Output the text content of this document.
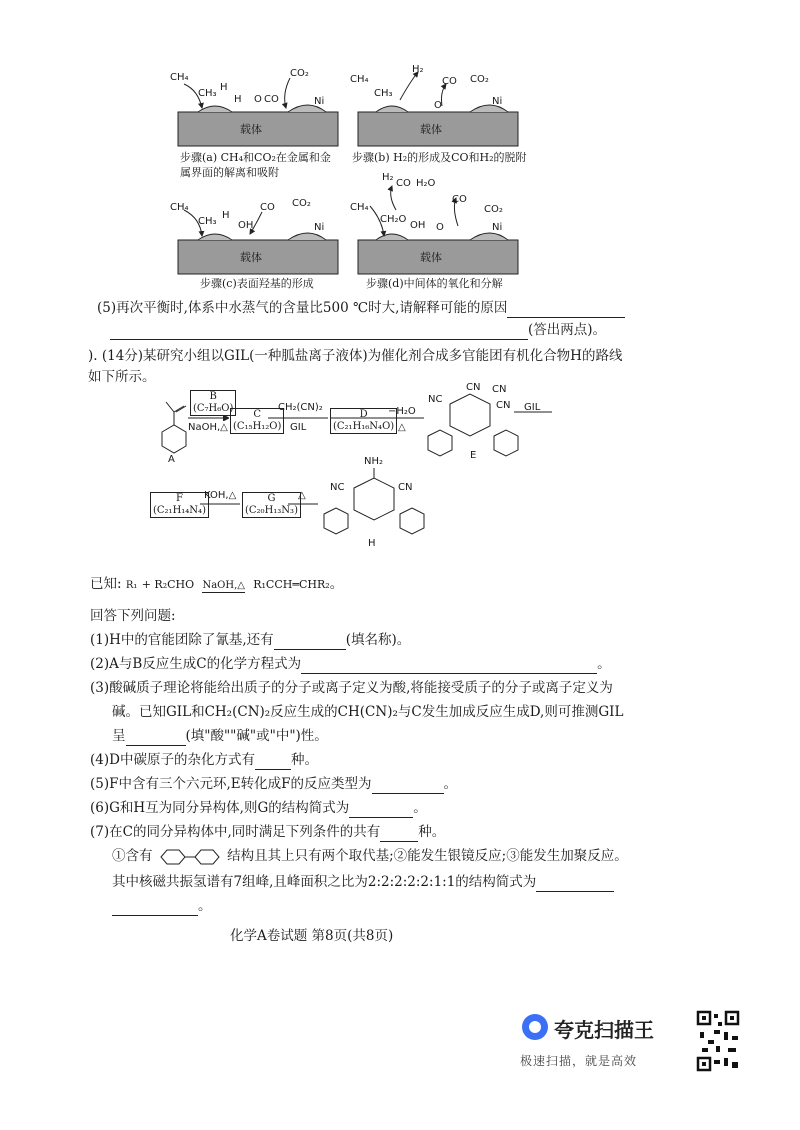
CH₄
CH₃
H
H O CO
CO₂
Ni
载体
步骤(a) CH₄和CO₂在金属和金
属界面的解离和吸附
CH₄
CH₃
H₂
O
CO CO₂
Ni
载体
步骤(b) H₂的形成及CO和H₂的脱附
CH₄
CH₃
H
OH
CO CO₂
Ni
载体
步骤(c)表面羟基的形成
CH₄
H₂
CO H₂O
CH₂O
OH O
CO
CO₂
Ni
载体
步骤(d)中间体的氧化和分解
(5)再次平衡时,体系中水蒸气的含量比500 ℃时大,请解释可能的原因
(答出两点)。
). (14分)某研究小组以GIL(一种胍盐离子液体)为催化剂合成多官能团有机化合物H的路线
如下所示。
A
B
(C₇H₆O)
NaOH,△
C
(C₁₅H₁₂O)
CH₂(CN)₂
GIL
D
(C₂₁H₁₆N₄O)
−H₂O
△
NC
CN CN
CN GIL
E
F
(C₂₁H₁₄N₄)
KOH,△	G
(C₂₀H₁₃N₃)
△
NH₂
NC	CN
H
已知: R₁ + R₂CHO NaOH,△ R₁CCH═CHR₂。
回答下列问题:
(1)H中的官能团除了氰基,还有	(填名称)。
(2)A与B反应生成C的化学方程式为	。
(3)酸碱质子理论将能给出质子的分子或离子定义为酸,将能接受质子的分子或离子定义为
碱。已知GIL和CH₂(CN)₂反应生成的CH(CN)₂与C发生加成反应生成D,则可推测GIL
呈	(填"酸""碱"或"中")性。
(4)D中碳原子的杂化方式有	种。
(5)F中含有三个六元环,E转化成F的反应类型为	。
(6)G和H互为同分异构体,则G的结构简式为	。
(7)在C的同分异构体中,同时满足下列条件的共有	种。
①含有	结构且其上只有两个取代基;②能发生银镜反应;③能发生加聚反应。
其中核磁共振氢谱有7组峰,且峰面积之比为2:2:2:2:2:1:1的结构简式为
。
化学A卷试题 第8页(共8页)
夸克扫描王
极速扫描，就是高效
